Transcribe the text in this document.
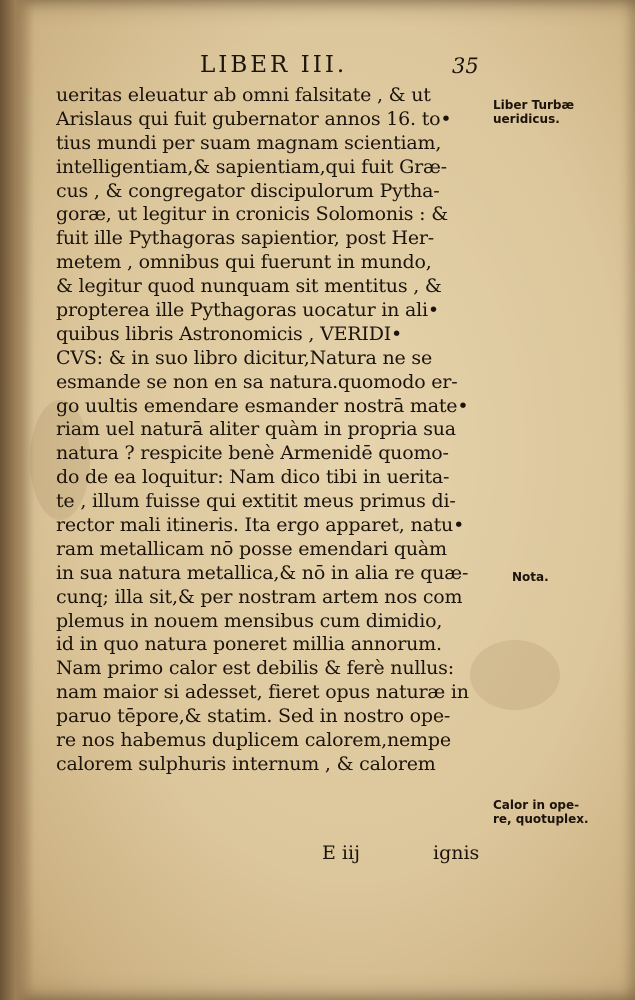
LIBER III.	35
ueritas eleuatur ab omni falsitate , & ut
Arislaus qui fuit gubernator annos 16. to•
tius mundi per suam magnam scientiam,
intelligentiam,& sapientiam,qui fuit Græ-
cus , & congregator discipulorum Pytha-
goræ, ut legitur in cronicis Solomonis : &
fuit ille Pythagoras sapientior, post Her-
metem , omnibus qui fuerunt in mundo,
& legitur quod nunquam sit mentitus , &
propterea ille Pythagoras uocatur in ali•
quibus libris Astronomicis , VERIDI•
CVS: & in suo libro dicitur,Natura ne se
esmande se non en sa natura.quomodo er-
go uultis emendare esmander nostrā mate•
riam uel naturā aliter quàm in propria sua
natura ? respicite benè Armenidē quomo-
do de ea loquitur: Nam dico tibi in uerita-
te , illum fuisse qui extitit meus primus di-
rector mali itineris. Ita ergo apparet, natu•
ram metallicam nō posse emendari quàm
in sua natura metallica,& nō in alia re quæ-
cunq; illa sit,& per nostram artem nos com
plemus in nouem mensibus cum dimidio,
id in quo natura poneret millia annorum.
Nam primo calor est debilis & ferè nullus:
nam maior si adesset, fieret opus naturæ in
paruo tēpore,& statim. Sed in nostro ope-
re nos habemus duplicem calorem,nempe
calorem sulphuris internum , & calorem
Liber Turbæ
ueridicus.
Nota.
Calor in ope-
re, quotuplex.
E iij	ignis
